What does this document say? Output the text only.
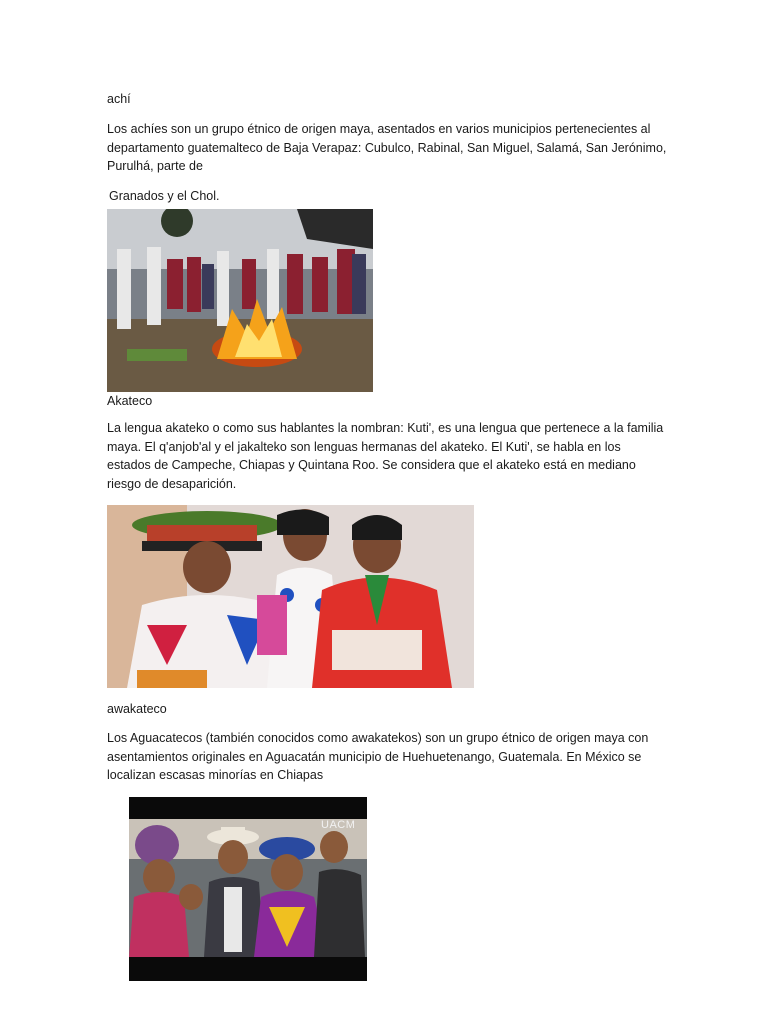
achí

Los achíes son un grupo étnico de origen maya, asentados en varios municipios pertenecientes al departamento guatemalteco de Baja Verapaz: Cubulco, Rabinal, San Miguel, Salamá, San Jerónimo, Purulhá, parte de

Granados y el Chol.

Akateco

La lengua akateko o como sus hablantes la nombran: Kuti', es una lengua que pertenece a la familia maya. El q'anjob'al y el jakalteko son lenguas hermanas del akateko. El Kuti', se habla en los estados de Campeche, Chiapas y Quintana Roo. Se considera que el akateko está en mediano riesgo de desaparición.

awakateco

Los Aguacatecos (también conocidos como awakatekos) son un grupo étnico de origen maya con asentamientos originales en Aguacatán municipio de Huehuetenango, Guatemala. En México se localizan escasas minorías en Chiapas

UACM
